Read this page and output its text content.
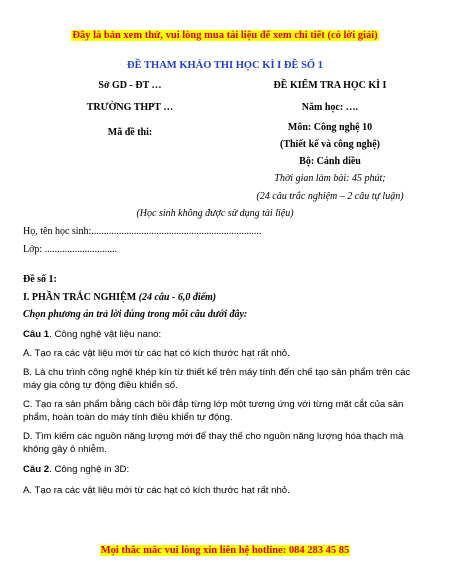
Đây là bản xem thử, vui lòng mua tài liệu để xem chi tiết (có lời giải)
ĐỀ THAM KHẢO THI HỌC KÌ I ĐỀ SỐ 1
Sở GD - ĐT …
TRƯỜNG THPT …
Mã đề thi:
ĐỀ KIỂM TRA HỌC KÌ I
Năm học: ….
Môn: Công nghệ 10
(Thiết kế và công nghệ)
Bộ: Cánh diều
Thời gian làm bài: 45 phút;
(24 câu trắc nghiệm – 2 câu tự luận)
(Học sinh không được sử dụng tài liệu)
Họ, tên học sinh:....................................................................
Lớp: .............................
Đề số 1:
I. PHẦN TRẮC NGHIỆM (24 câu - 6,0 điểm)
Chọn phương án trả lời đúng trong mỗi câu dưới đây:
Câu 1. Công nghệ vật liệu nano:
A. Tạo ra các vật liệu mới từ các hạt có kích thước hạt rất nhỏ.
B. Là chu trình công nghệ khép kín từ thiết kế trên máy tính đến chế tạo sản phẩm trên các máy gia công tự động điều khiển số.
C. Tạo ra sản phẩm bằng cách bồi đắp từng lớp một tương ứng với từng mặt cắt của sản phẩm, hoàn toàn do máy tính điều khiển tự động.
D. Tìm kiếm các nguồn năng lượng mới để thay thế cho nguồn năng lượng hóa thạch mà không gây ô nhiễm.
Câu 2. Công nghệ in 3D:
A. Tạo ra các vật liệu mới từ các hạt có kích thước hạt rất nhỏ.
Mọi thắc mắc vui lòng xin liên hệ hotline: 084 283 45 85
